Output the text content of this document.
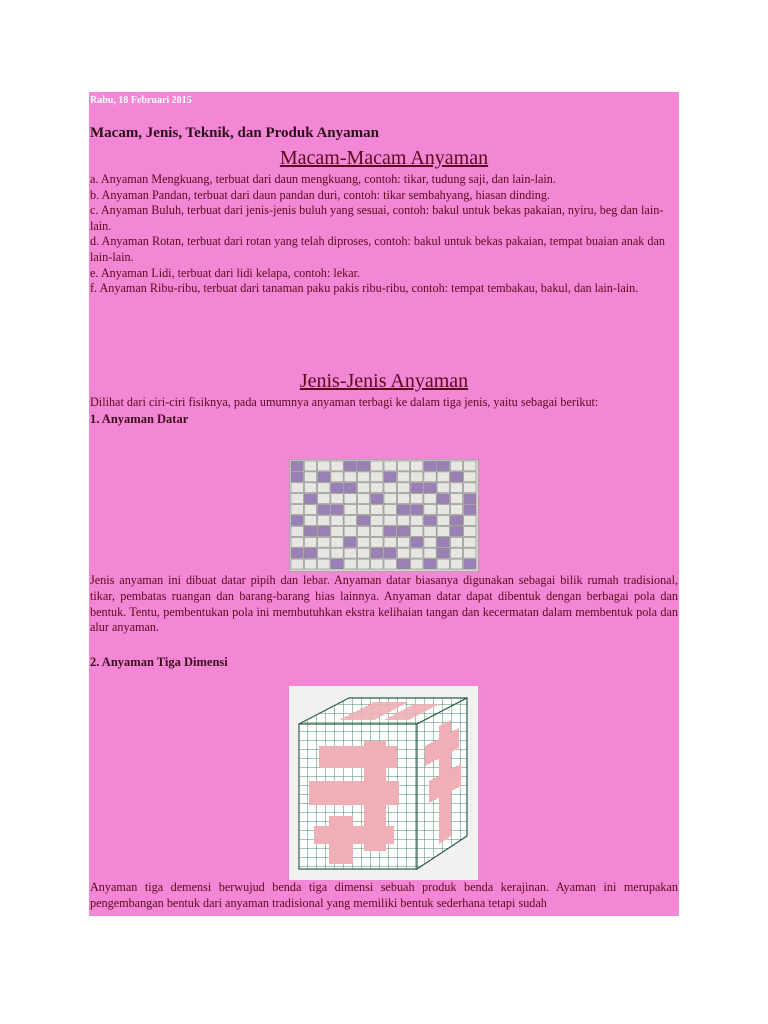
Rabu, 18 Februari 2015
Macam, Jenis, Teknik, dan Produk Anyaman
Macam-Macam Anyaman
a. Anyaman Mengkuang, terbuat dari daun mengkuang, contoh: tikar, tudung saji, dan lain-lain.
b. Anyaman Pandan, terbuat dari daun pandan duri, contoh: tikar sembahyang, hiasan dinding.
c. Anyaman Buluh, terbuat dari jenis-jenis buluh yang sesuai, contoh: bakul untuk bekas pakaian, nyiru, beg dan lain-lain.
d. Anyaman Rotan, terbuat dari rotan yang telah diproses, contoh: bakul untuk bekas pakaian, tempat buaian anak dan lain-lain.
e. Anyaman Lidi, terbuat dari lidi kelapa, contoh: lekar.
f. Anyaman Ribu-ribu, terbuat dari tanaman paku pakis ribu-ribu, contoh: tempat tembakau, bakul, dan lain-lain.
Jenis-Jenis Anyaman
Dilihat dari ciri-ciri fisiknya, pada umumnya anyaman terbagi ke dalam tiga jenis, yaitu sebagai berikut:
1. Anyaman Datar
Jenis anyaman ini dibuat datar pipih dan lebar. Anyaman datar biasanya digunakan sebagai bilik rumah tradisional, tikar, pembatas ruangan dan barang-barang hias lainnya. Anyaman datar dapat dibentuk dengan berbagai pola dan bentuk. Tentu, pembentukan pola ini membutuhkan ekstra kelihaian tangan dan kecermatan dalam membentuk pola dan alur anyaman.
2. Anyaman Tiga Dimensi
Anyaman tiga demensi berwujud benda tiga dimensi sebuah produk benda kerajinan. Ayaman ini merupakan pengembangan bentuk dari anyaman tradisional yang memiliki bentuk sederhana tetapi sudah
